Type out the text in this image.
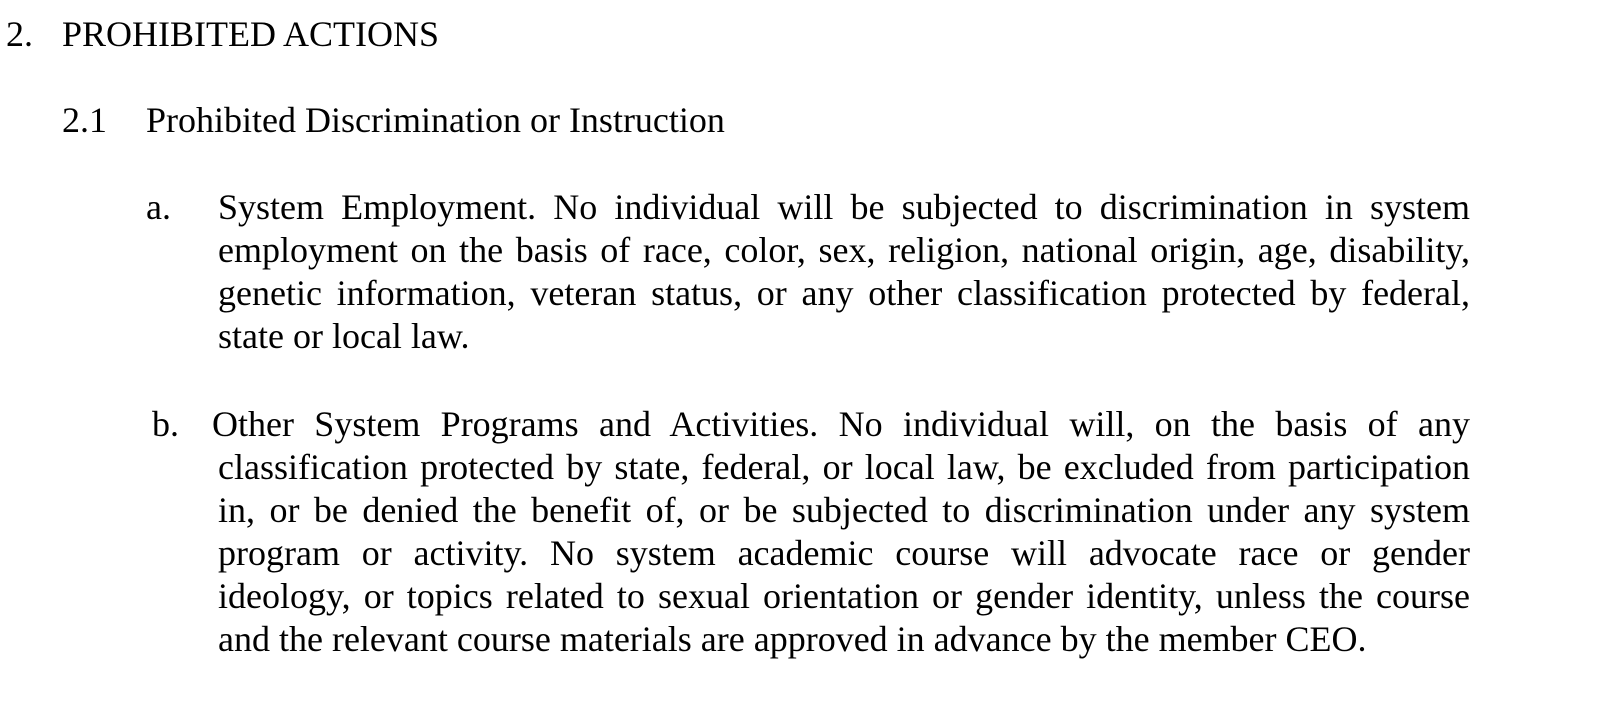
2. PROHIBITED ACTIONS
2.1 Prohibited Discrimination or Instruction
a. System Employment. No individual will be subjected to discrimination in system
employment on the basis of race, color, sex, religion, national origin, age, disability,
genetic information, veteran status, or any other classification protected by federal,
state or local law.
b. Other System Programs and Activities. No individual will, on the basis of any
classification protected by state, federal, or local law, be excluded from participation
in, or be denied the benefit of, or be subjected to discrimination under any system
program or activity. No system academic course will advocate race or gender
ideology, or topics related to sexual orientation or gender identity, unless the course
and the relevant course materials are approved in advance by the member CEO.
